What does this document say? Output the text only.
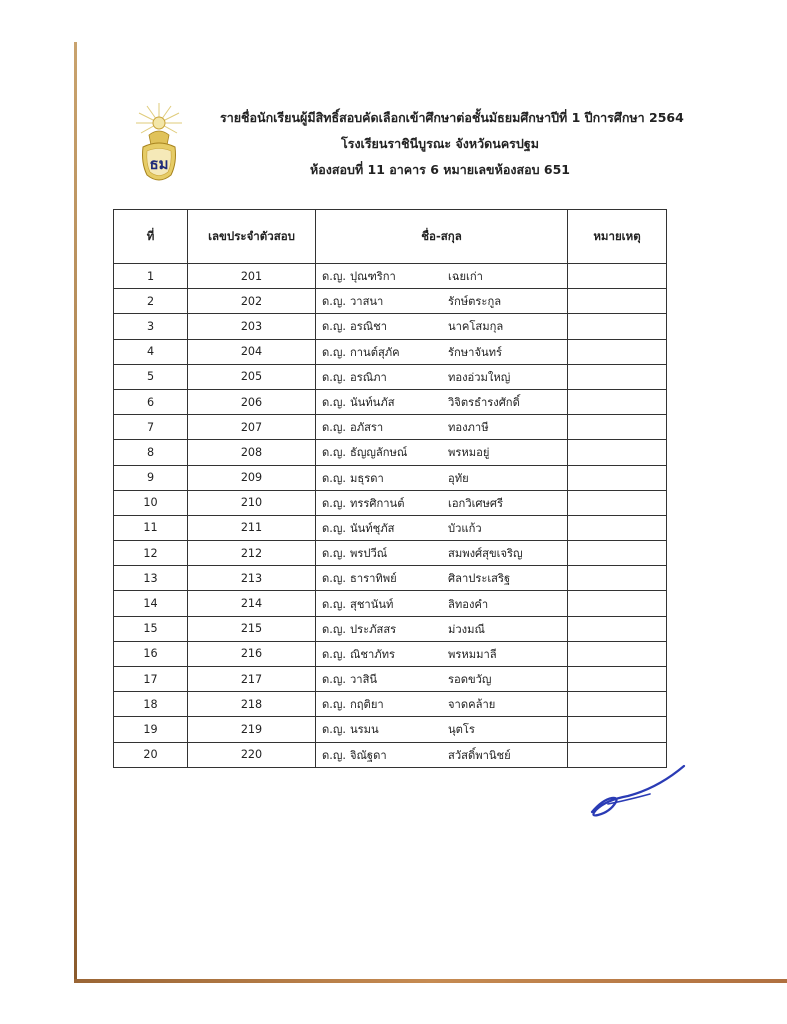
ธม
รายชื่อนักเรียนผู้มีสิทธิ์สอบคัดเลือกเข้าศึกษาต่อชั้นมัธยมศึกษาปีที่ 1 ปีการศึกษา 2564
โรงเรียนราชินีบูรณะ จังหวัดนครปฐม
ห้องสอบที่ 11 อาคาร 6 หมายเลขห้องสอบ 651
ที่	เลขประจำตัวสอบ	ชื่อ-สกุล	หมายเหตุ
1	201	ด.ญ. ปุณฑริกา เฉยเก่า	
2	202	ด.ญ. วาสนา รักษ์ตระกูล	
3	203	ด.ญ. อรณิชา นาคโสมกุล	
4	204	ด.ญ. กานต์สุภัค รักษาจันทร์	
5	205	ด.ญ. อรณิภา ทองอ่วมใหญ่	
6	206	ด.ญ. นันท์นภัส วิจิตรธำรงศักดิ์	
7	207	ด.ญ. อภัสรา ทองภาษี	
8	208	ด.ญ. ธัญญลักษณ์ พรหมอยู่	
9	209	ด.ญ. มธุรดา อุทัย	
10	210	ด.ญ. ทรรศิกานต์ เอกวิเศษศรี	
11	211	ด.ญ. นันท์ชุภัส บัวแก้ว	
12	212	ด.ญ. พรปวีณ์ สมพงศ์สุขเจริญ	
13	213	ด.ญ. ธาราทิพย์ ศิลาประเสริฐ	
14	214	ด.ญ. สุชานันท์ ลิทองคำ	
15	215	ด.ญ. ประภัสสร ม่วงมณี	
16	216	ด.ญ. ณิชาภัทร พรหมมาลี	
17	217	ด.ญ. วาสินี รอดขวัญ	
18	218	ด.ญ. กฤติยา จาดคล้าย	
19	219	ด.ญ. นรมน นุตโร	
20	220	ด.ญ. จิณัฐดา สวัสดิ์พานิชย์	
